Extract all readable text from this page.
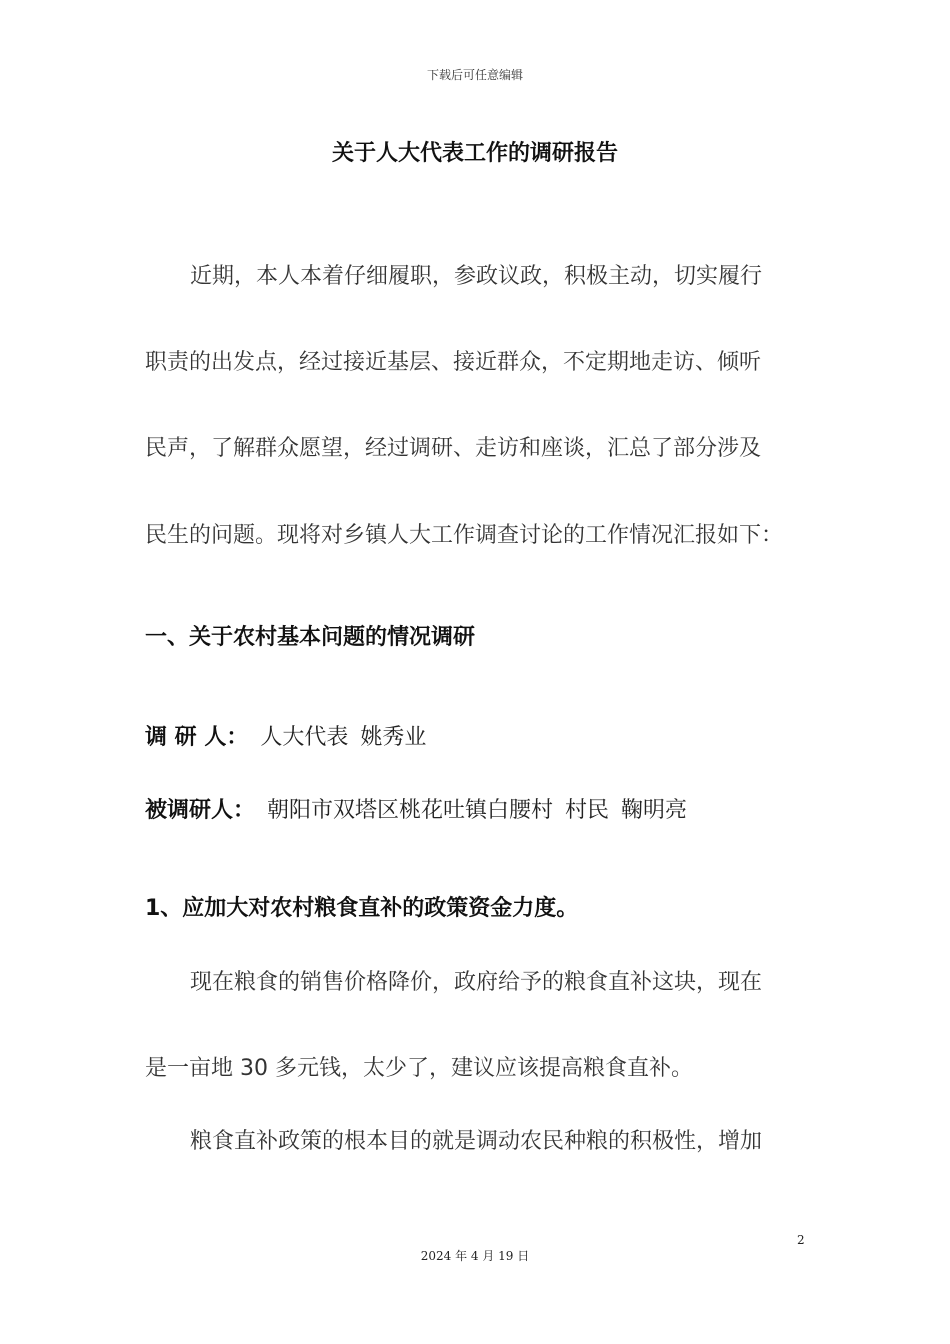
下载后可任意编辑
关于人大代表工作的调研报告
近期，本人本着仔细履职，参政议政，积极主动，切实履行
职责的出发点，经过接近基层、接近群众，不定期地走访、倾听
民声，了解群众愿望，经过调研、走访和座谈，汇总了部分涉及
民生的问题。现将对乡镇人大工作调查讨论的工作情况汇报如下：
一、关于农村基本问题的情况调研
调 研 人： 人大代表 姚秀业
被调研人： 朝阳市双塔区桃花吐镇白腰村 村民 鞠明亮
1、应加大对农村粮食直补的政策资金力度。
现在粮食的销售价格降价，政府给予的粮食直补这块，现在
是一亩地 30 多元钱，太少了，建议应该提高粮食直补。
粮食直补政策的根本目的就是调动农民种粮的积极性，增加
2
2024 年 4 月 19 日
